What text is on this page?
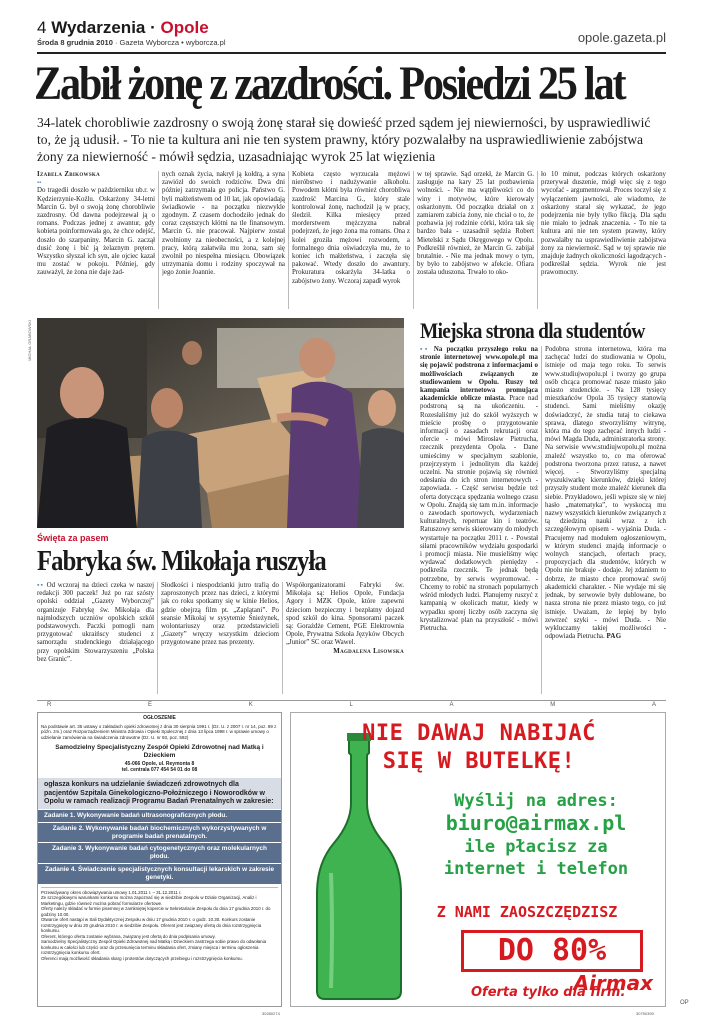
4 Wydarzenia · Opole
Środa 8 grudnia 2010 · Gazeta Wyborcza • wyborcza.pl	opole.gazeta.pl
Zabił żonę z zazdrości. Posiedzi 25 lat
34-latek chorobliwie zazdrosny o swoją żonę starał się dowieść przed sądem jej niewierności, by usprawiedliwić to, że ją udusił. - To nie ta kultura ani nie ten system prawny, który pozwalałby na usprawiedliwienie zabójstwa żony za niewierność - mówił sędzia, uzasadniając wyrok 25 lat więzienia
Izabela Żbikowska
▪▪
Do tragedii doszło w październiku ub.r. w Kędzierzynie-Koźlu. Oskarżony 34-letni Marcin G. był o swoją żonę chorobliwie zazdrosny. Od dawna podejrzewał ją o romans. Podczas jednej z awantur, gdy kobieta poinformowała go, że chce odejść, doszło do szarpaniny. Marcin G. zaczął dusić żonę i bić ją żelaznym prętem. Wszystko słyszał ich syn, ale ojciec kazał mu zostać w pokoju. Później, gdy zauważył, że żona nie daje żad-
nych oznak życia, nakrył ją kołdrą, a syna zawiózł do swoich rodziców. Dwa dni później zatrzymała go policja. Państwo G. byli małżeństwem od 10 lat, jak opowiadają świadkowie - na początku niezwykle zgodnym. Z czasem dochodziło jednak do coraz częstszych kłótni na tle finansowym. Marcin G. nie pracował. Najpierw został zwolniony za nieobecności, a z kolejnej pracy, którą załatwiła mu żona, sam się zwolnił po niespełna miesiącu. Obowiązek utrzymania domu i rodziny spoczywał na jego żonie Joannie.
Kobieta często wyrzucała mężowi nieróbstwo i nadużywanie alkoholu. Powodem kłótni była również chorobliwa zazdrość Marcina G., który stale kontrolował żonę, nachodził ją w pracy, śledził. Kilka miesięcy przed morderstwem mężczyzna nabrał podejrzeń, że jego żona ma romans. Ona z kolei groziła mężowi rozwodem, a formalnego dnia oświadczyła mu, że to koniec ich małżeństwa, i zaczęła się pakować. Wtedy doszło do awantury. Prokuratura oskarżyła 34-latka o zabójstwo żony. Wczoraj zapadł wyrok
w tej sprawie. Sąd orzekł, że Marcin G. zasługuje na kary 25 lat pozbawienia wolności. - Nie ma wątpliwości co do winy i motywów, które kierowały oskarżonym. Od początku działał on z zamiarem zabicia żony, nie chciał o to, że pozbawia jej rodzinie córki, która tak się bardzo bała - uzasadnił sędzia Robert Mietelski z Sądu Okręgowego w Opolu. Podkreślił również, że Marcin G. zabijał brutalnie. - Nie ma jednak mowy o tym, by było to zabójstwo w afekcie. Ofiara została uduszona. Trwało to oko-
ło 10 minut, podczas których oskarżony przerywał duszenie, mógł więc się z tego wycofać - argumentował. Proces toczył się z wyłączeniem jawności, ale wiadomo, że oskarżony starał się wykazać, że jego podejrzenia nie były tylko fikcją. Dla sądu nie miało to jednak znaczenia. - To nie ta kultura ani nie ten system prawny, który pozwalałby na usprawiedliwienie zabójstwa żony za niewierność. Sąd w tej sprawie nie znajduje żadnych okoliczności łagodzących - podkreślał sędzia. Wyrok nie jest prawomocny.
MICHAŁ GRABOWSKI
Święta za pasem
Fabryka św. Mikołaja ruszyła
▪▪ Od wczoraj na dzieci czeka w naszej redakcji 300 paczek! Już po raz szósty opolski oddział „Gazety Wyborczej” organizuje Fabrykę św. Mikołaja dla najmłodszych uczniów opolskich szkół podstawowych. Paczki pomogli nam przygotować ukraińscy studenci z samorządu studenckiego działającego przy opolskim Stowarzyszeniu „Polska bez Granic”.
Słodkości i niespodzianki jutro trafią do zaproszonych przez nas dzieci, z którymi jak co roku spotkamy się w kinie Helios, gdzie obejrzą film pt. „Zaplątani”. Po seansie Mikołaj w sysytemie Śnieżynek, wolontariuszy oraz przedstawicieli „Gazety” wręczy wszystkim dzieciom przygotowane przez nas prezenty.
Współorganizatorami Fabryki św. Mikołaja są: Helios Opole, Fundacja Agory i MZK Opole, które zapewni dzieciom bezpieczny i bezpłatny dojazd spod szkół do kina. Sponsorami paczek są: Gorażdże Cement, PGE Elektrownia Opole, Prywatna Szkoła Języków Obcych „Junior” SC oraz Wawel.
Magdalena Lisowska
Miejska strona dla studentów
▪▪ Na początku przyszłego roku na stronie internetowej www.opole.pl ma się pojawić podstrona z informacjami o możliwościach związanych ze studiowaniem w Opolu. Ruszy też kampania internetowa promująca akademickie oblicze miasta. Prace nad podstroną są na ukończeniu. - Rozesłaliśmy już do szkół wyższych w mieście prośbę o przygotowanie informacji o zasadach rekrutacji oraz ofercie - mówi Mirosław Pietrucha, rzecznik prezydenta Opola. - Dane umieścimy w specjalnym szablonie, przejrzystym i jednolitym dla każdej uczelni. Na stronie pojawią się również odesłania do ich stron internetowych - zapowiada. - Część serwisu będzie też oferta dotycząca spędzania wolnego czasu w Opolu. Znajdą się tam m.in. informacje o zawodach sportowych, wydarzeniach kulturalnych, repertuar kin i teatrów. Ratuszowy serwis skierowany do młodych wystartuje na początku 2011 r. - Powstał siłami pracowników wydziału gospodarki i promocji miasta. Nie musieliśmy więc wydawać dodatkowych pieniędzy - podkreśla rzecznik. Te jednak będą potrzebne, by serwis wypromować. - Chcemy to robić na stronach popularnych wśród młodych ludzi. Planujemy ruszyć z kampanią w okolicach matur, kiedy w wypadku sporej liczby osób zaczyna się krystalizować plan na przyszłość - mówi Pietrucha.
Podobna strona internetowa, która ma zachęcać ludzi do studiowania w Opolu, istnieje od maja tego roku. To serwis www.studiujwopolu.pl i tworzy go grupa osób chcąca promować nasze miasto jako miasto studenckie. - Na 128 tysięcy mieszkańców Opola 35 tysięcy stanowią studenci. Sami mieliśmy okazję doświadczyć, że studia tutaj to ciekawa sprawa, dlatego stworzyliśmy witrynę, która ma do tego zachęcać innych ludzi - mówi Magda Duda, administratorka strony. Na serwisie www.studiujwopolu.pl można znaleźć wszystko to, co ma oferować podstrona tworzona przez ratusz, a nawet więcej. - Stworzyliśmy specjalną wyszukiwarkę kierunków, dzięki której przyszły student może znaleźć kierunek dla siebie. Przykładowo, jeśli wpisze się w niej hasło „matematyka”, to wyskoczą mu nazwy wszystkich kierunków związanych z tą dziedziną nauki wraz z ich szczegółowym opisem - wyjaśnia Duda. - Pracujemy nad modułem ogłoszeniowym, w którym studenci znajdą informacje o wolnych stancjach, ofertach pracy, propozycjach dla studentów, których w Opolu nie brakuje - dodaje. Jej zdaniem to dobrze, że miasto chce promować swój akademicki charakter. - Nie wydaje mi się jednak, by serwowie były dublowane, bo nasza strona nie przez miasto tego, co już istnieje. Uważam, że lepiej by było zewrzeć szyki - mówi Duda. - Nie wykluczamy takiej możliwości - odpowiada Pietrucha. PAG
R	E	K	L	A	M	A
OGŁOSZENIE
Na podstawie art. 35 ustawy o zakładach opieki zdrowotnej z dnia 30 sierpnia 1991 r. (Dz. U. z 2007 r. nr 14, poz. 89 z późn. zm.) oraz Rozporządzeniem Ministra Zdrowia i Opieki Społecznej z dnia 13 lipca 1998 r. w sprawie umowy o udzielanie zamówienia na świadczenia zdrowotne (Dz. U. nr 93, poz. 592)
Samodzielny Specjalistyczny Zespół Opieki Zdrowotnej nad Matką i Dzieckiem
45-066 Opole, ul. Reymonta 8
tel. centrala 077 454 54 01 do 08
ogłasza konkurs na udzielanie świadczeń zdrowotnych dla pacjentów Szpitala Ginekologiczno-Położniczego i Noworodków w Opolu w ramach realizacji Programu Badań Prenatalnych w zakresie:
Zadanie 1. Wykonywanie badań ultrasonograficznych płodu.
Zadanie 2. Wykonywanie badań biochemicznych wykorzystywanych w programie badań prenatalnych.
Zadanie 3. Wykonywanie badań cytogenetycznych oraz molekularnych płodu.
Zadanie 4. Świadczenie specjalistycznych konsultacji lekarskich w zakresie genetyki.

Przewidywany okres obowiązywania umowy 1.01.2011 r. – 31.12.2011 r.

Ze szczegółowymi warunkami konkursu można zapoznać się w siedzibie Zespołu w Dziale Organizacji, Analiz i Marketingu, gdzie również można pobrać formularze ofertowe.

Oferty należy składać w formie pisemnej w zamkniętej kopercie w Sekretariacie Zespołu do dnia 17 grudnia 2010 r. do godziny 10.00.

Otwarcie ofert nastąpi w Sali Dydaktycznej Zespołu w dniu 17 grudnia 2010 r. o godz. 10.30. Konkurs zostanie rozstrzygnięty w dniu 20 grudnia 2010 r. w siedzibie Zespołu. Oferent jest związany ofertą do dnia rozstrzygnięcia konkursu.

Oferent, którego oferta zostanie wybrana, związany jest ofertą do dnia podpisania umowy.

Samodzielny Specjalistyczny Zespół Opieki Zdrowotnej nad Matką i Dzieckiem zastrzega sobie prawo do odwołania konkursu w całości lub części oraz do przesunięcia terminu składania ofert, zmiany miejsca i terminu ogłoszenia rozstrzygnięcia konkursu ofert.

Oferenci mają możliwość składania skarg i protestów dotyczących przebiegu i rozstrzygnięcia konkursu.

30280274
NIE DAWAJ NABIJAĆ
SIĘ W BUTELKĘ!
Wyślij na adres:
biuro@airmax.pl
ile płacisz za
internet i telefon
Z NAMI ZAOSZCZĘDZISZ
DO 80%
Oferta tylko dla firm.
Airmax
30750390
OP
